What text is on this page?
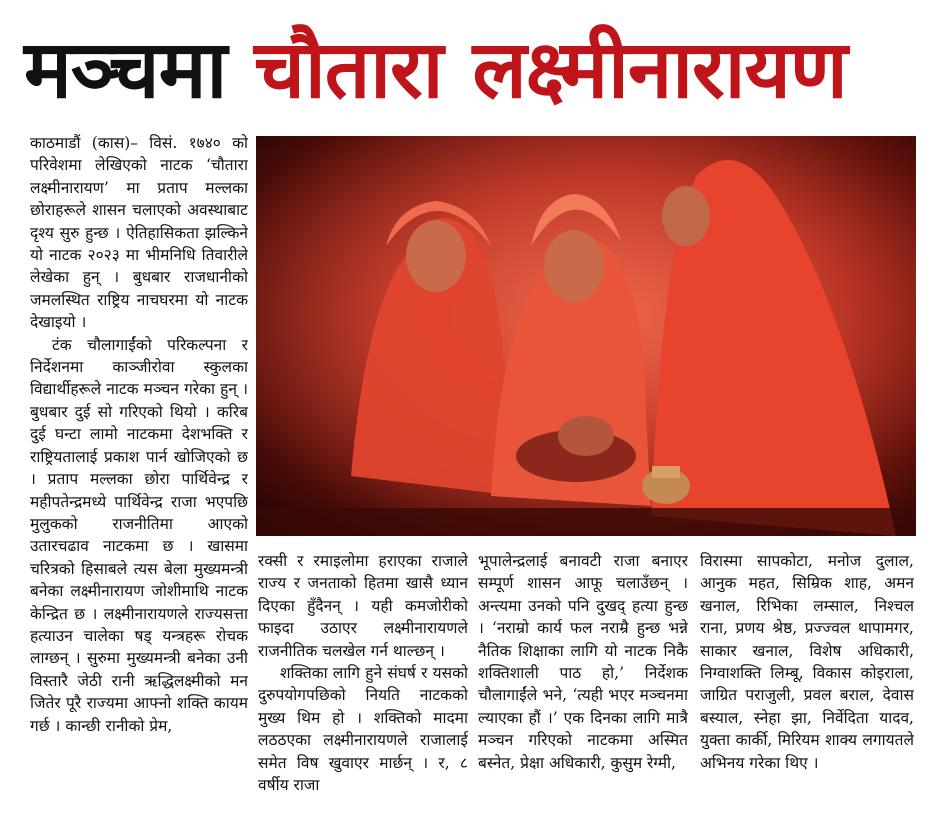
मञ्चमा चौतारा लक्ष्मीनारायण

काठमाडौं (कास)– विसं. १७४० को परिवेशमा लेखिएको नाटक ‘चौतारा लक्ष्मीनारायण’ मा प्रताप मल्लका छोराहरूले शासन चलाएको अवस्थाबाट दृश्य सुरु हुन्छ । ऐतिहासिकता झल्किने यो नाटक २०२३ मा भीमनिधि तिवारीले लेखेका हुन् । बुधबार राजधानीको जमलस्थित राष्ट्रिय नाचघरमा यो नाटक देखाइयो ।

टंक चौलागाईंको परिकल्पना र निर्देशनमा काञ्जीरोवा स्कुलका विद्यार्थीहरूले नाटक मञ्चन गरेका हुन् । बुधबार दुई सो गरिएको थियो । करिब दुई घन्टा लामो नाटकमा देशभक्ति र राष्ट्रियतालाई प्रकाश पार्न खोजिएको छ । प्रताप मल्लका छोरा पार्थिवेन्द्र र महीपतेन्द्रमध्ये पार्थिवेन्द्र राजा भएपछि मुलुकको राजनीतिमा आएको उतारचढाव नाटकमा छ । खासमा चरित्रको हिसाबले त्यस बेला मुख्यमन्त्री बनेका लक्ष्मीनारायण जोशीमाथि नाटक केन्द्रित छ । लक्ष्मीनारायणले राज्यसत्ता हत्याउन चालेका षड् यन्त्रहरू रोचक लाग्छन् । सुरुमा मुख्यमन्त्री बनेका उनी विस्तारै जेठी रानी ऋद्धिलक्ष्मीको मन जितेर पूरै राज्यमा आफ्नो शक्ति कायम गर्छ । कान्छी रानीको प्रेम,

रक्सी र रमाइलोमा हराएका राजाले राज्य र जनताको हितमा खासै ध्यान दिएका हुँदैनन् । यही कमजोरीको फाइदा उठाएर लक्ष्मीनारायणले राजनीतिक चलखेल गर्न थाल्छन् ।

शक्तिका लागि हुने संघर्ष र यसको दुरुपयोगपछिको नियति नाटकको मुख्य थिम हो । शक्तिको मादमा लठठएका लक्ष्मीनारायणले राजालाई समेत विष खुवाएर मार्छन् । र, ८ वर्षीय राजा

भूपालेन्द्रलाई बनावटी राजा बनाएर सम्पूर्ण शासन आफू चलाउँछन् । अन्त्यमा उनको पनि दुखद् हत्या हुन्छ । ‘नराम्रो कार्य फल नराम्रै हुन्छ भन्ने नैतिक शिक्षाका लागि यो नाटक निकै शक्तिशाली पाठ हो,’ निर्देशक चौलागाईंले भने, ‘त्यही भएर मञ्चनमा ल्याएका हौं ।’ एक दिनका लागि मात्रै मञ्चन गरिएको नाटकमा अस्मित बस्नेत, प्रेक्षा अधिकारी, कुसुम रेग्मी,

विरास्मा सापकोटा, मनोज दुलाल, आनुक महत, सिम्रिक शाह, अमन खनाल, रिभिका लम्साल, निश्चल राना, प्रणय श्रेष्ठ, प्रज्ज्वल थापामगर, साकार खनाल, विशेष अधिकारी, निग्वाशक्ति लिम्बू, विकास कोइराला, जाग्रित पराजुली, प्रवल बराल, देवास बस्याल, स्नेहा झा, निर्वेदिता यादव, युक्ता कार्की, मिरियम शाक्य लगायतले अभिनय गरेका थिए ।
